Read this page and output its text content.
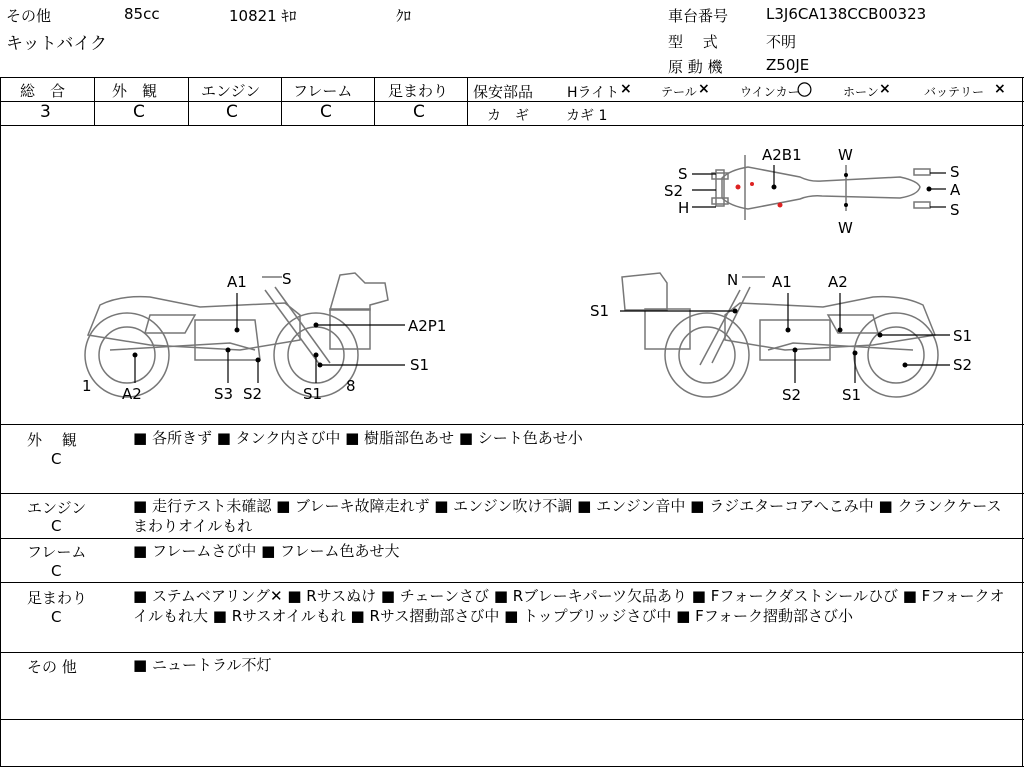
その他	85cc	10821 ｷﾛ	ｸﾛ
キットバイク
車台番号	L3J6CA138CCB00323
型　 式	不明
原 動 機	Z50JE
総　合	外　観	エンジン フレーム 足まわり
3	C	C	C	C
保安部品 Hライト × テール ×	ウインカー
〇	ホーン ×	バッテリー ×
カ　ギ	カギ 1
A2B1 W
S
S2
H
W
S
A
S
A1 S
A2P1
S1
1 A2	S3 S2	S1 8
N A1 A2
S1
S1
S2
S2	S1
外　 観
C
■ 各所きず ■ タンク内さび中 ■ 樹脂部色あせ ■ シート色あせ小
エンジン
C
■ 走行テスト未確認 ■ ブレーキ故障走れず ■ エンジン吹け不調 ■ エンジン音中 ■ ラジエターコアへこみ中 ■ クランクケースまわりオイルもれ
フレーム
C
■ フレームさび中 ■ フレーム色あせ大
足まわり
C
■ ステムベアリング✕ ■ Rサスぬけ ■ チェーンさび ■ Rブレーキパーツ欠品あり ■ Fフォークダストシールひび ■ Fフォークオイルもれ大 ■ Rサスオイルもれ ■ Rサス摺動部さび中 ■ トップブリッジさび中 ■ Fフォーク摺動部さび小
その 他	■ ニュートラル不灯
